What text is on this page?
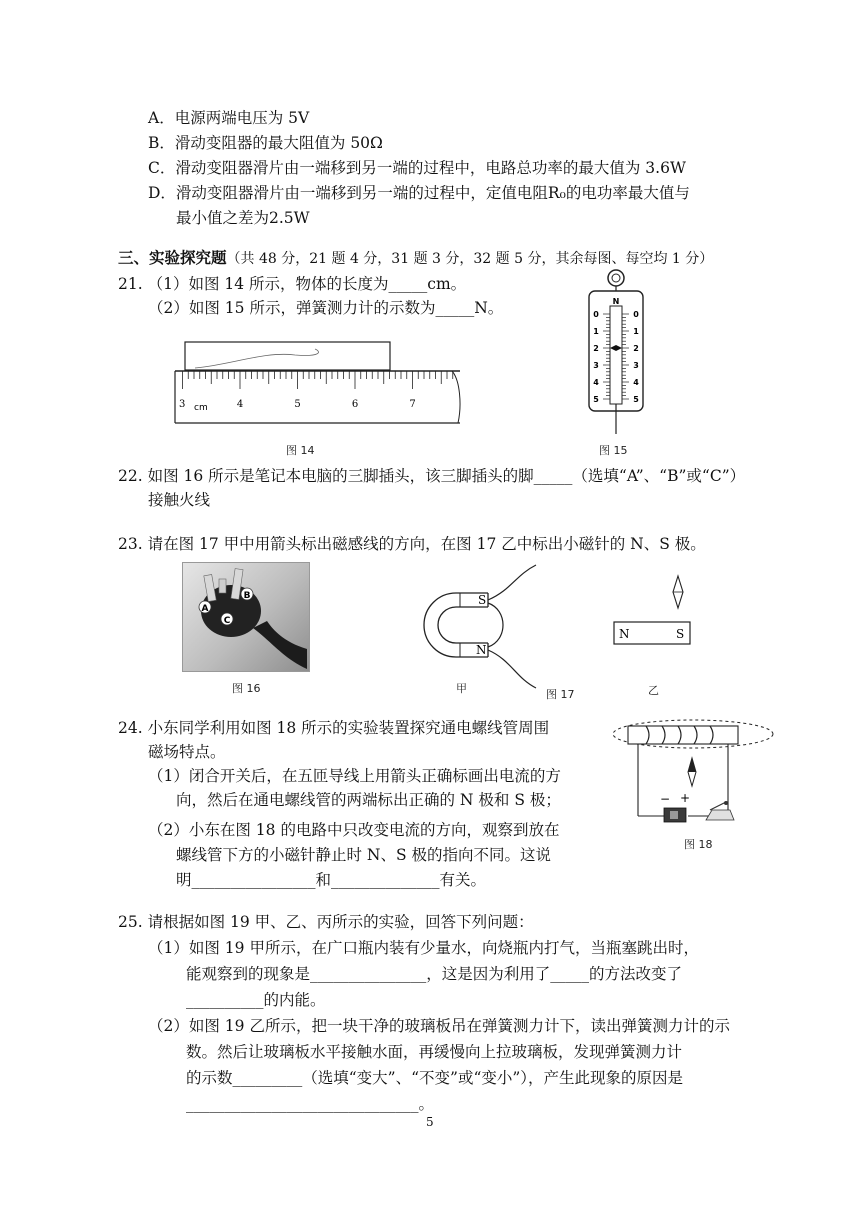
A．电源两端电压为 5V
B．滑动变阻器的最大阻值为 50Ω
C．滑动变阻器滑片由一端移到另一端的过程中，电路总功率的最大值为 3.6W
D．滑动变阻器滑片由一端移到另一端的过程中，定值电阻R₀的电功率最大值与
最小值之差为2.5W
三、实验探究题（共 48 分，21 题 4 分，31 题 3 分，32 题 5 分，其余每图、每空均 1 分）
21. （1）如图 14 所示，物体的长度为_____cm。
（2）如图 15 所示，弹簧测力计的示数为_____N。
3 cm	4	5	6	7
图 14
N
0	0
1	1
2	2
3	3
4	4
5	5
图 15
22. 如图 16 所示是笔记本电脑的三脚插头，该三脚插头的脚_____（选填“A”、“B”或“C”）
接触火线
23. 请在图 17 甲中用箭头标出磁感线的方向，在图 17 乙中标出小磁针的 N、S 极。
A
B
C
图 16
S
N
甲	图 17
N	S
乙
24. 小东同学利用如图 18 所示的实验装置探究通电螺线管周围
磁场特点。
（1）闭合开关后，在五匝导线上用箭头正确标画出电流的方
向，然后在通电螺线管的两端标出正确的 N 极和 S 极；
（2）小东在图 18 的电路中只改变电流的方向，观察到放在
螺线管下方的小磁针静止时 N、S 极的指向不同。这说
明________________和______________有关。
− +
图 18
25. 请根据如图 19 甲、乙、丙所示的实验，回答下列问题：
（1）如图 19 甲所示，在广口瓶内装有少量水，向烧瓶内打气，当瓶塞跳出时，
能观察到的现象是_______________，这是因为利用了_____的方法改变了
__________的内能。
（2）如图 19 乙所示，把一块干净的玻璃板吊在弹簧测力计下，读出弹簧测力计的示
数。然后让玻璃板水平接触水面，再缓慢向上拉玻璃板，发现弹簧测力计
的示数_________（选填“变大”、“不变”或“变小”），产生此现象的原因是
______________________________。
5
